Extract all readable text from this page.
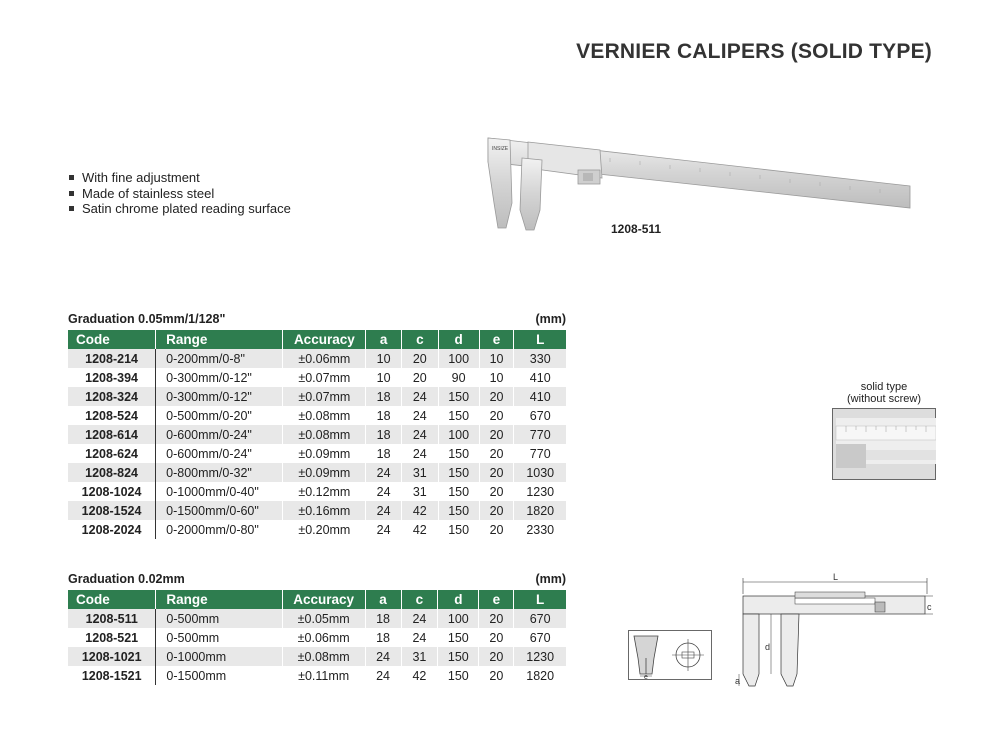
VERNIER CALIPERS (SOLID TYPE)
With fine adjustment
Made of stainless steel
Satin chrome plated reading surface
INSIZE
1208-511
Graduation 0.05mm/1/128"	(mm)
Code	Range	Accuracy	a	c	d	e	L
1208-214	0-200mm/0-8"	±0.06mm	10	20	100	10	330
1208-394	0-300mm/0-12"	±0.07mm	10	20	90	10	410
1208-324	0-300mm/0-12"	±0.07mm	18	24	150	20	410
1208-524	0-500mm/0-20"	±0.08mm	18	24	150	20	670
1208-614	0-600mm/0-24"	±0.08mm	18	24	100	20	770
1208-624	0-600mm/0-24"	±0.09mm	18	24	150	20	770
1208-824	0-800mm/0-32"	±0.09mm	24	31	150	20	1030
1208-1024	0-1000mm/0-40"	±0.12mm	24	31	150	20	1230
1208-1524	0-1500mm/0-60"	±0.16mm	24	42	150	20	1820
1208-2024	0-2000mm/0-80"	±0.20mm	24	42	150	20	2330
Graduation 0.02mm	(mm)
Code	Range	Accuracy	a	c	d	e	L
1208-511	0-500mm	±0.05mm	18	24	100	20	670
1208-521	0-500mm	±0.06mm	18	24	150	20	670
1208-1021	0-1000mm	±0.08mm	24	31	150	20	1230
1208-1521	0-1500mm	±0.11mm	24	42	150	20	1820
solid type
(without screw)
e
L
c
d
a
